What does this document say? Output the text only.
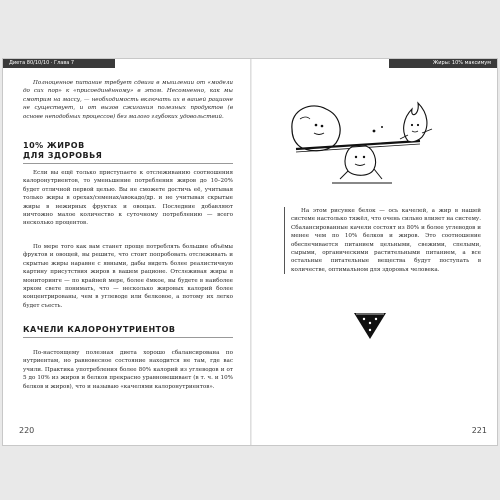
Диета 80/10/10 · Глава 7

Полноценное питание требует сдвига в мышлении от «модели до сих пор» к «присоединённому» в этом. Несомненно, как мы смотрим на массу, — необходимость включать их в вашей рационе не существует, и от вызов сжигания полезных продуктов (в основе неподобных процессов) без малого глубоких удовольствий.

10% ЖИРОВ

ДЛЯ ЗДОРОВЬЯ

Если вы ещё только приступаете к отслеживанию соотношения калоронутриентов, то уменьшение потребления жиров до 10–20% будет отличной первой целью. Вы не сможете достичь её, учитывая только жиры в орехах/семенах/авокадо/др. и не учитывая скрытые жиры в нежирных фруктах и овощах. Последние добавляют ничтожно малое количество к суточному потреблению — всего несколько процентов.

По мере того как вам станет проще потреблять большие объёмы фруктов и овощей, вы решите, что стоит попробовать отслеживать и скрытые жиры наравне с явными, дабы видеть более реалистичную картину присутствия жиров в вашем рационе. Отслеживая жиры в мониторинге — по крайней мере, более ёмкое, вы будете в наиболее ярком свете понимать, что — несколько жировых калорий более концентрированы, чем в углеводе или белковое, а потому их легко будет съесть.

КАЧЕЛИ КАЛОРОНУТРИЕНТОВ

По-настоящему полезная диета хорошо сбалансирована по нутриентам, но равновесное состояние находится не там, где вас учили. Практика употребления более 80% калорий из углеводов и от 5 до 10% из жиров и белков прекрасно уравновешивает (в т. ч. и 10% белков и жиров), что и называю «качелями калоронутриентов».

220
Жиры: 10% максимум

На этом рисунке белок — ось качелей, а жир в нашей системе настолько тяжёл, что очень сильно влияет на систему. Сбалансированные качели состоят из 80% и более углеводов и менее чем по 10% белков и жиров. Это соотношение обеспечивается питанием цельными, свежими, спелыми, сырыми, органическими растительными питанием, а все остальные питательные вещества будут поступать в количестве, оптимальном для здоровья человека.

221
